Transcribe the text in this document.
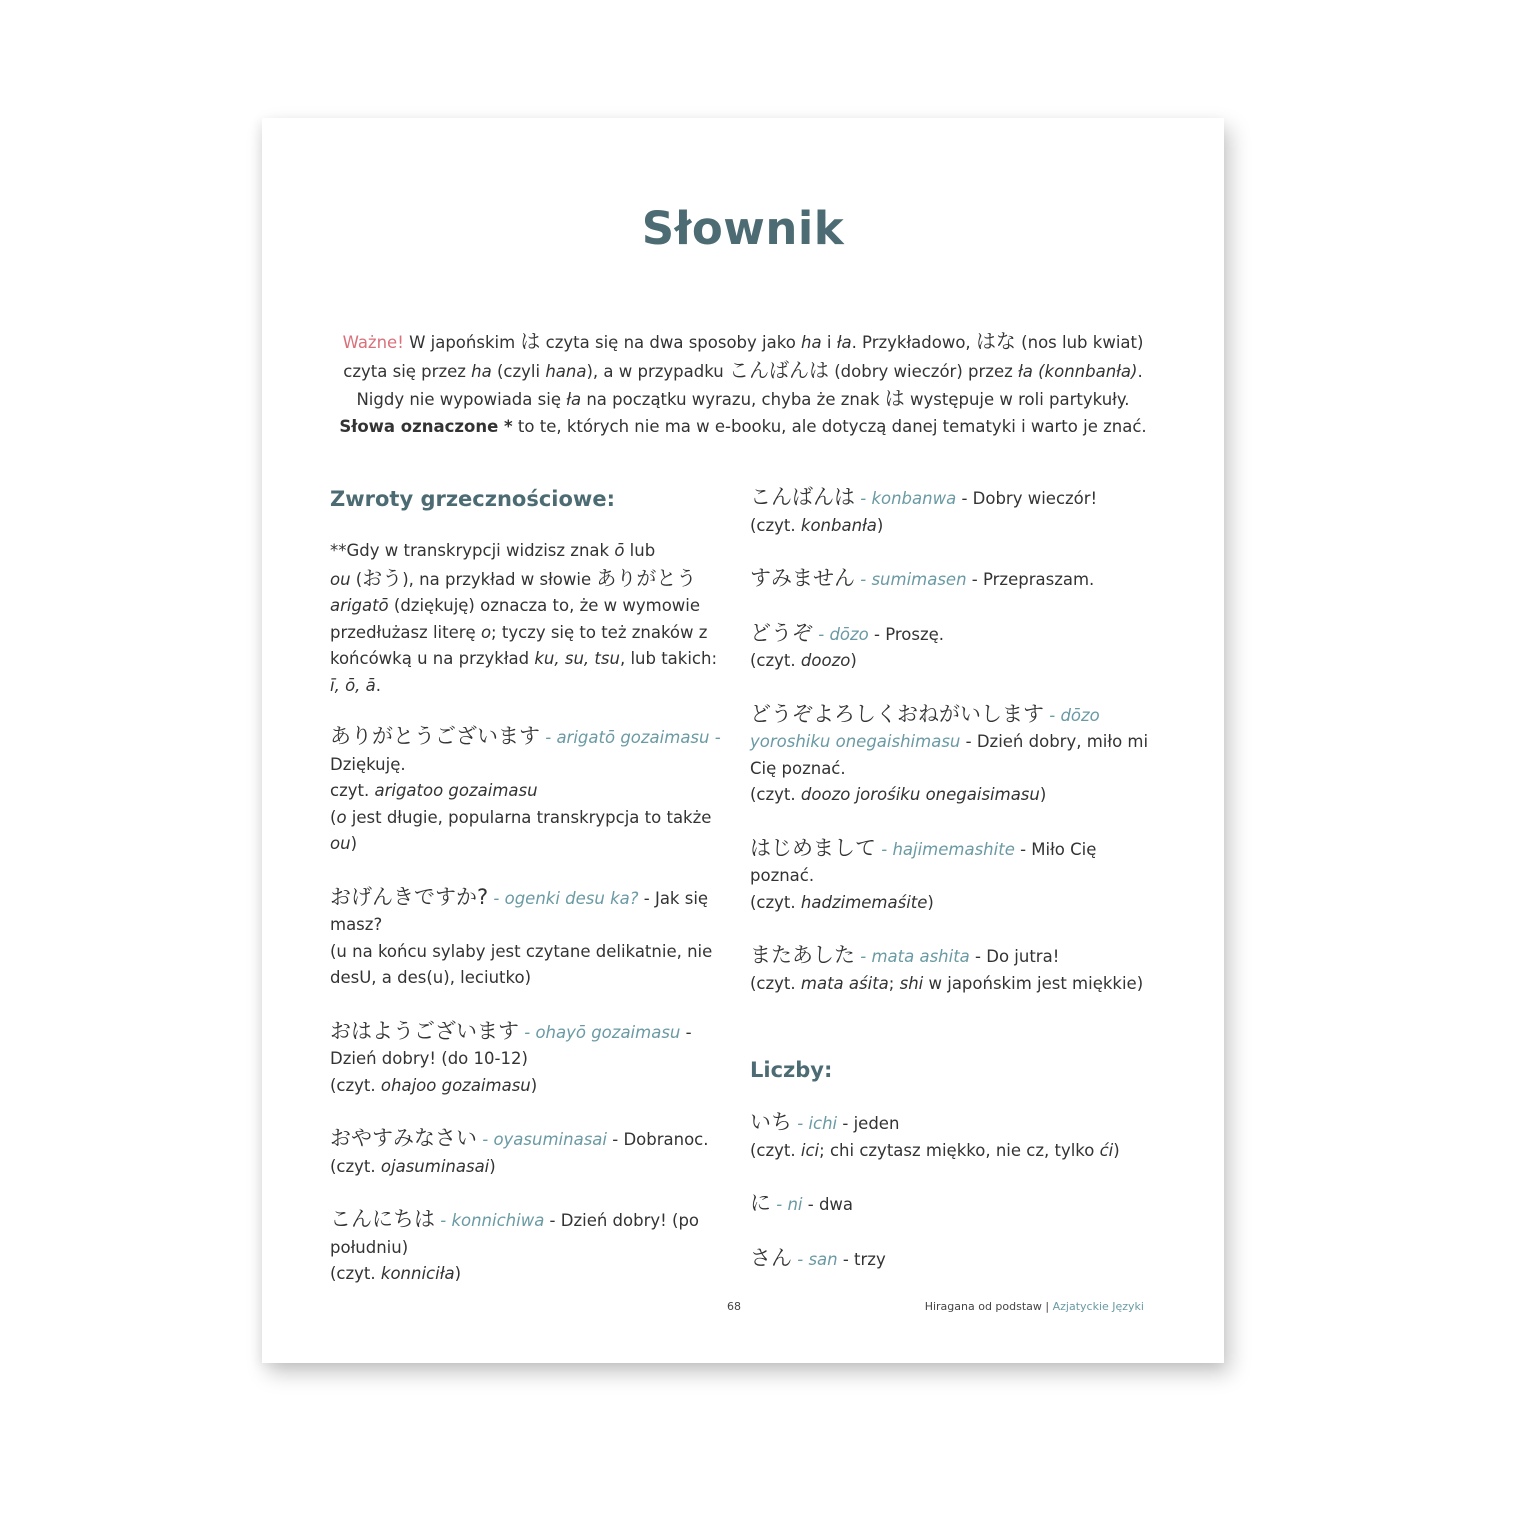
Słownik

Ważne! W japońskim は czyta się na dwa sposoby jako ha i ła. Przykładowo, はな (nos lub kwiat)

czyta się przez ha (czyli hana), a w przypadku こんばんは (dobry wieczór) przez ła (konnbanła).

Nigdy nie wypowiada się ła na początku wyrazu, chyba że znak は występuje w roli partykuły.

Słowa oznaczone * to te, których nie ma w e-booku, ale dotyczą danej tematyki i warto je znać.

Zwroty grzecznościowe:
**Gdy w transkrypcji widzisz znak ō lub
ou (おう), na przykład w słowie ありがとう
arigatō (dziękuję) oznacza to, że w wymowie przedłużasz literę o; tyczy się to też znaków z końcówką u na przykład ku, su, tsu, lub takich: ī, ō, ā.
ありがとうございます - arigatō gozaimasu - Dziękuję.
czyt. arigatoo gozaimasu
(o jest długie, popularna transkrypcja to także ou)
おげんきですか? - ogenki desu ka? - Jak się masz?
(u na końcu sylaby jest czytane delikatnie, nie desU, a des(u), leciutko)
おはようございます - ohayō gozaimasu - Dzień dobry! (do 10-12)
(czyt. ohajoo gozaimasu)
おやすみなさい - oyasuminasai - Dobranoc.
(czyt. ojasuminasai)
こんにちは - konnichiwa - Dzień dobry! (po południu)
(czyt. konniciła)
こんばんは - konbanwa - Dobry wieczór!
(czyt. konbanła)
すみません - sumimasen - Przepraszam.
どうぞ - dōzo - Proszę.
(czyt. doozo)
どうぞよろしくおねがいします - dōzo yoroshiku onegaishimasu - Dzień dobry, miło mi Cię poznać.
(czyt. doozo jorośiku onegaisimasu)
はじめまして - hajimemashite - Miło Cię poznać.
(czyt. hadzimemaśite)
またあした - mata ashita - Do jutra!
(czyt. mata aśita; shi w japońskim jest miękkie)
Liczby:
いち - ichi - jeden
(czyt. ici; chi czytasz miękko, nie cz, tylko ći)
に - ni - dwa
さん - san - trzy
68	Hiragana od podstaw | Azjatyckie Języki
